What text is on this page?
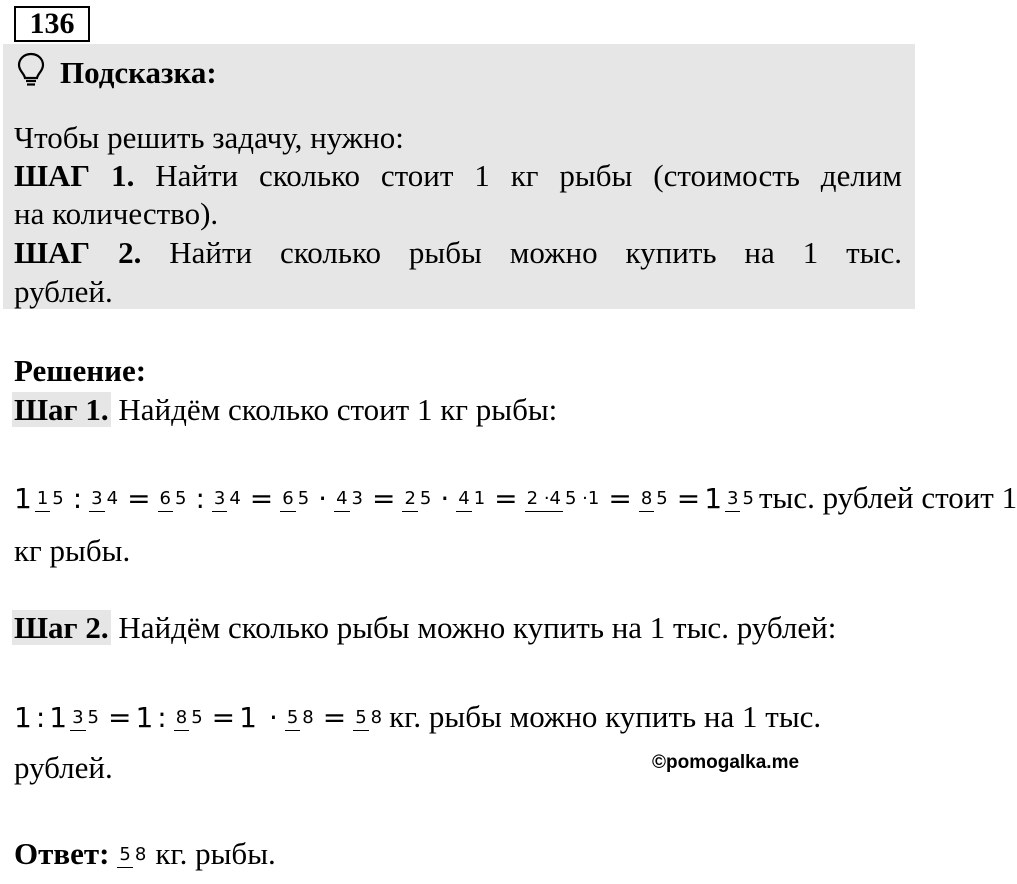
136
Подсказка:
Чтобы решить задачу, нужно:
ШАГ 1. Найти сколько стоит 1 кг рыбы (стоимость делим
на количество).
ШАГ 2. Найти сколько рыбы можно купить на 1 тыс.
рублей.
Решение:
Шаг 1. Найдём сколько стоит 1 кг рыбы:
1 1 5 : 3 4 = 6 5 : 3 4 = 6 5 · 4 3 = 2 5 · 4 1 = 2 ·4 5 ·1 = 8 5 = 1 3 5 тыс. рублей стоит 1
кг рыбы.
Шаг 2. Найдём сколько рыбы можно купить на 1 тыс. рублей:
1 : 1 3 5 = 1 : 8 5 = 1 · 5 8 = 5 8 кг. рыбы можно купить на 1 тыс.
рублей.	©pomogalka.me
Ответ: 5 8 кг. рыбы.
